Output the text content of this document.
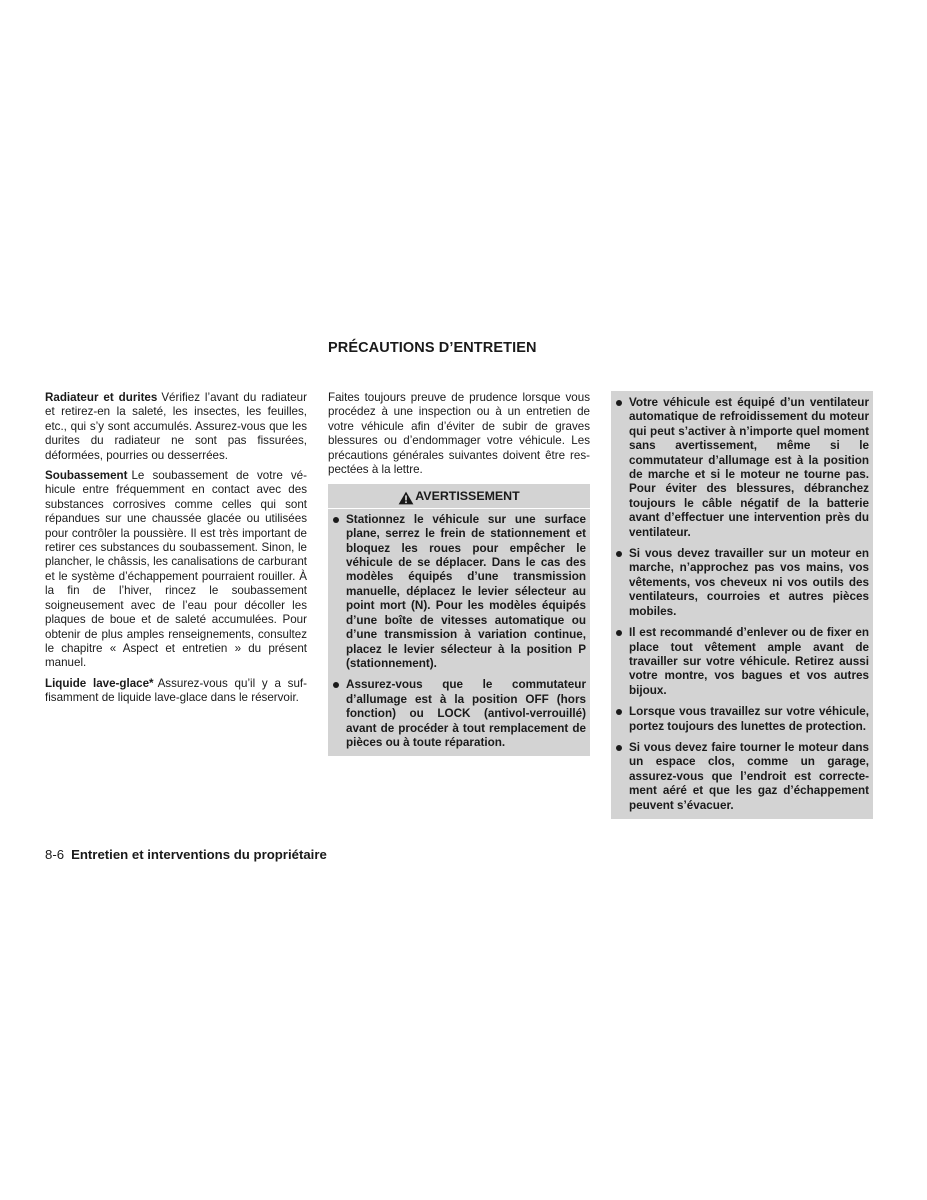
PRÉCAUTIONS D’ENTRETIEN

Radiateur et durites Vérifiez l’avant du radiateur et retirez-en la saleté, les insectes, les feuilles, etc., qui s’y sont accumulés. Assurez-vous que les durites du radiateur ne sont pas fissurées, déformées, pourries ou desserrées.

Soubassement Le soubassement de votre véhicule entre fréquemment en contact avec des substances corrosives comme celles qui sont répandues sur une chaussée glacée ou utilisées pour contrôler la poussière. Il est très important de retirer ces substances du soubassement. Sinon, le plancher, le châssis, les canalisations de carburant et le système d’échappement pourraient rouiller. À la fin de l’hiver, rincez le soubassement soigneusement avec de l’eau pour décoller les plaques de boue et de saleté accumulées. Pour obtenir de plus amples renseignements, consultez le chapitre « Aspect et entretien » du présent manuel.

Liquide lave-glace* Assurez-vous qu’il y a suffisamment de liquide lave-glace dans le réservoir.

Faites toujours preuve de prudence lorsque vous procédez à une inspection ou à un entretien de votre véhicule afin d’éviter de subir de graves blessures ou d’endommager votre véhicule. Les précautions générales suivantes doivent être respectées à la lettre.

AVERTISSEMENT
Stationnez le véhicule sur une surface plane, serrez le frein de stationnement et bloquez les roues pour empêcher le véhicule de se déplacer. Dans le cas des modèles équipés d’une transmission manuelle, déplacez le levier sélecteur au point mort (N). Pour les modèles équipés d’une boîte de vitesses automatique ou d’une transmission à variation continue, placez le levier sélecteur à la position P (stationnement).
Assurez-vous que le commutateur d’allumage est à la position OFF (hors fonction) ou LOCK (antivol-verrouillé) avant de procéder à tout remplacement de pièces ou à toute réparation.
Votre véhicule est équipé d’un ventilateur automatique de refroidissement du moteur qui peut s’activer à n’importe quel moment sans avertissement, même si le commutateur d’allumage est à la position de marche et si le moteur ne tourne pas. Pour éviter des blessures, débranchez toujours le câble négatif de la batterie avant d’effectuer une intervention près du ventilateur.
Si vous devez travailler sur un moteur en marche, n’approchez pas vos mains, vos vêtements, vos cheveux ni vos outils des ventilateurs, courroies et autres pièces mobiles.
Il est recommandé d’enlever ou de fixer en place tout vêtement ample avant de travailler sur votre véhicule. Retirez aussi votre montre, vos bagues et vos autres bijoux.
Lorsque vous travaillez sur votre véhicule, portez toujours des lunettes de protection.
Si vous devez faire tourner le moteur dans un espace clos, comme un garage, assurez-vous que l’endroit est correctement aéré et que les gaz d’échappement peuvent s’évacuer.
8-6 Entretien et interventions du propriétaire
